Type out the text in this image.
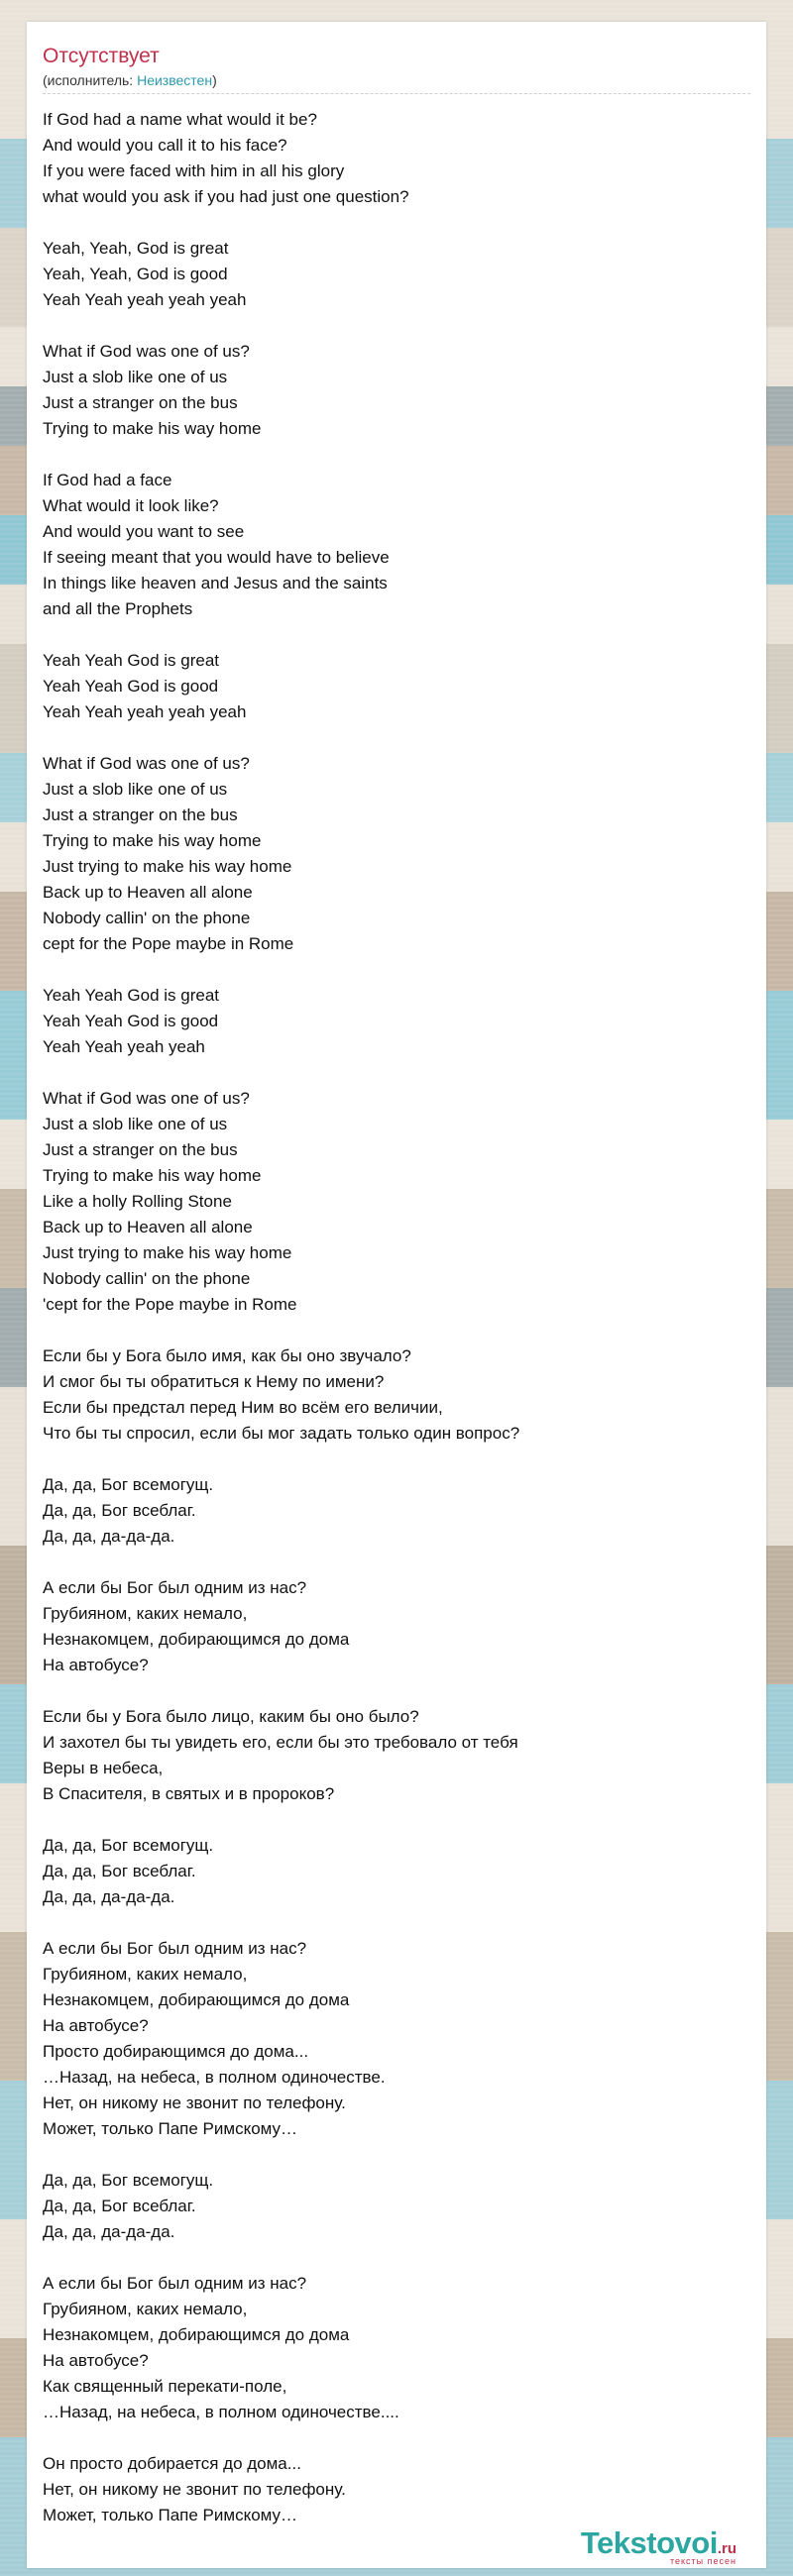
Отсутствует
(исполнитель: Неизвестен)
If God had a name what would it be?
And would you call it to his face?
If you were faced with him in all his glory
what would you ask if you had just one question?
Yeah, Yeah, God is great
Yeah, Yeah, God is good
Yeah Yeah yeah yeah yeah
What if God was one of us?
Just a slob like one of us
Just a stranger on the bus
Trying to make his way home
If God had a face
What would it look like?
And would you want to see
If seeing meant that you would have to believe
In things like heaven and Jesus and the saints
and all the Prophets
Yeah Yeah God is great
Yeah Yeah God is good
Yeah Yeah yeah yeah yeah
What if God was one of us?
Just a slob like one of us
Just a stranger on the bus
Trying to make his way home
Just trying to make his way home
Back up to Heaven all alone
Nobody callin' on the phone
cept for the Pope maybe in Rome
Yeah Yeah God is great
Yeah Yeah God is good
Yeah Yeah yeah yeah
What if God was one of us?
Just a slob like one of us
Just a stranger on the bus
Trying to make his way home
Like a holly Rolling Stone
Back up to Heaven all alone
Just trying to make his way home
Nobody callin' on the phone
'cept for the Pope maybe in Rome
Если бы у Бога было имя, как бы оно звучало?
И смог бы ты обратиться к Нему по имени?
Если бы предстал перед Ним во всём его величии,
Что бы ты спросил, если бы мог задать только один вопрос?
Да, да, Бог всемогущ.
Да, да, Бог всеблаг.
Да, да, да-да-да.
А если бы Бог был одним из нас?
Грубияном, каких немало,
Незнакомцем, добирающимся до дома
На автобусе?
Если бы у Бога было лицо, каким бы оно было?
И захотел бы ты увидеть его, если бы это требовало от тебя
Веры в небеса,
В Спасителя, в святых и в пророков?
Да, да, Бог всемогущ.
Да, да, Бог всеблаг.
Да, да, да-да-да.
А если бы Бог был одним из нас?
Грубияном, каких немало,
Незнакомцем, добирающимся до дома
На автобусе?
Просто добирающимся до дома...
…Назад, на небеса, в полном одиночестве.
Нет, он никому не звонит по телефону.
Может, только Папе Римскому…
Да, да, Бог всемогущ.
Да, да, Бог всеблаг.
Да, да, да-да-да.
А если бы Бог был одним из нас?
Грубияном, каких немало,
Незнакомцем, добирающимся до дома
На автобусе?
Как священный перекати-поле,
…Назад, на небеса, в полном одиночестве....
Он просто добирается до дома...
Нет, он никому не звонит по телефону.
Может, только Папе Римскому…
Tekstovoi.ru
тексты песен
